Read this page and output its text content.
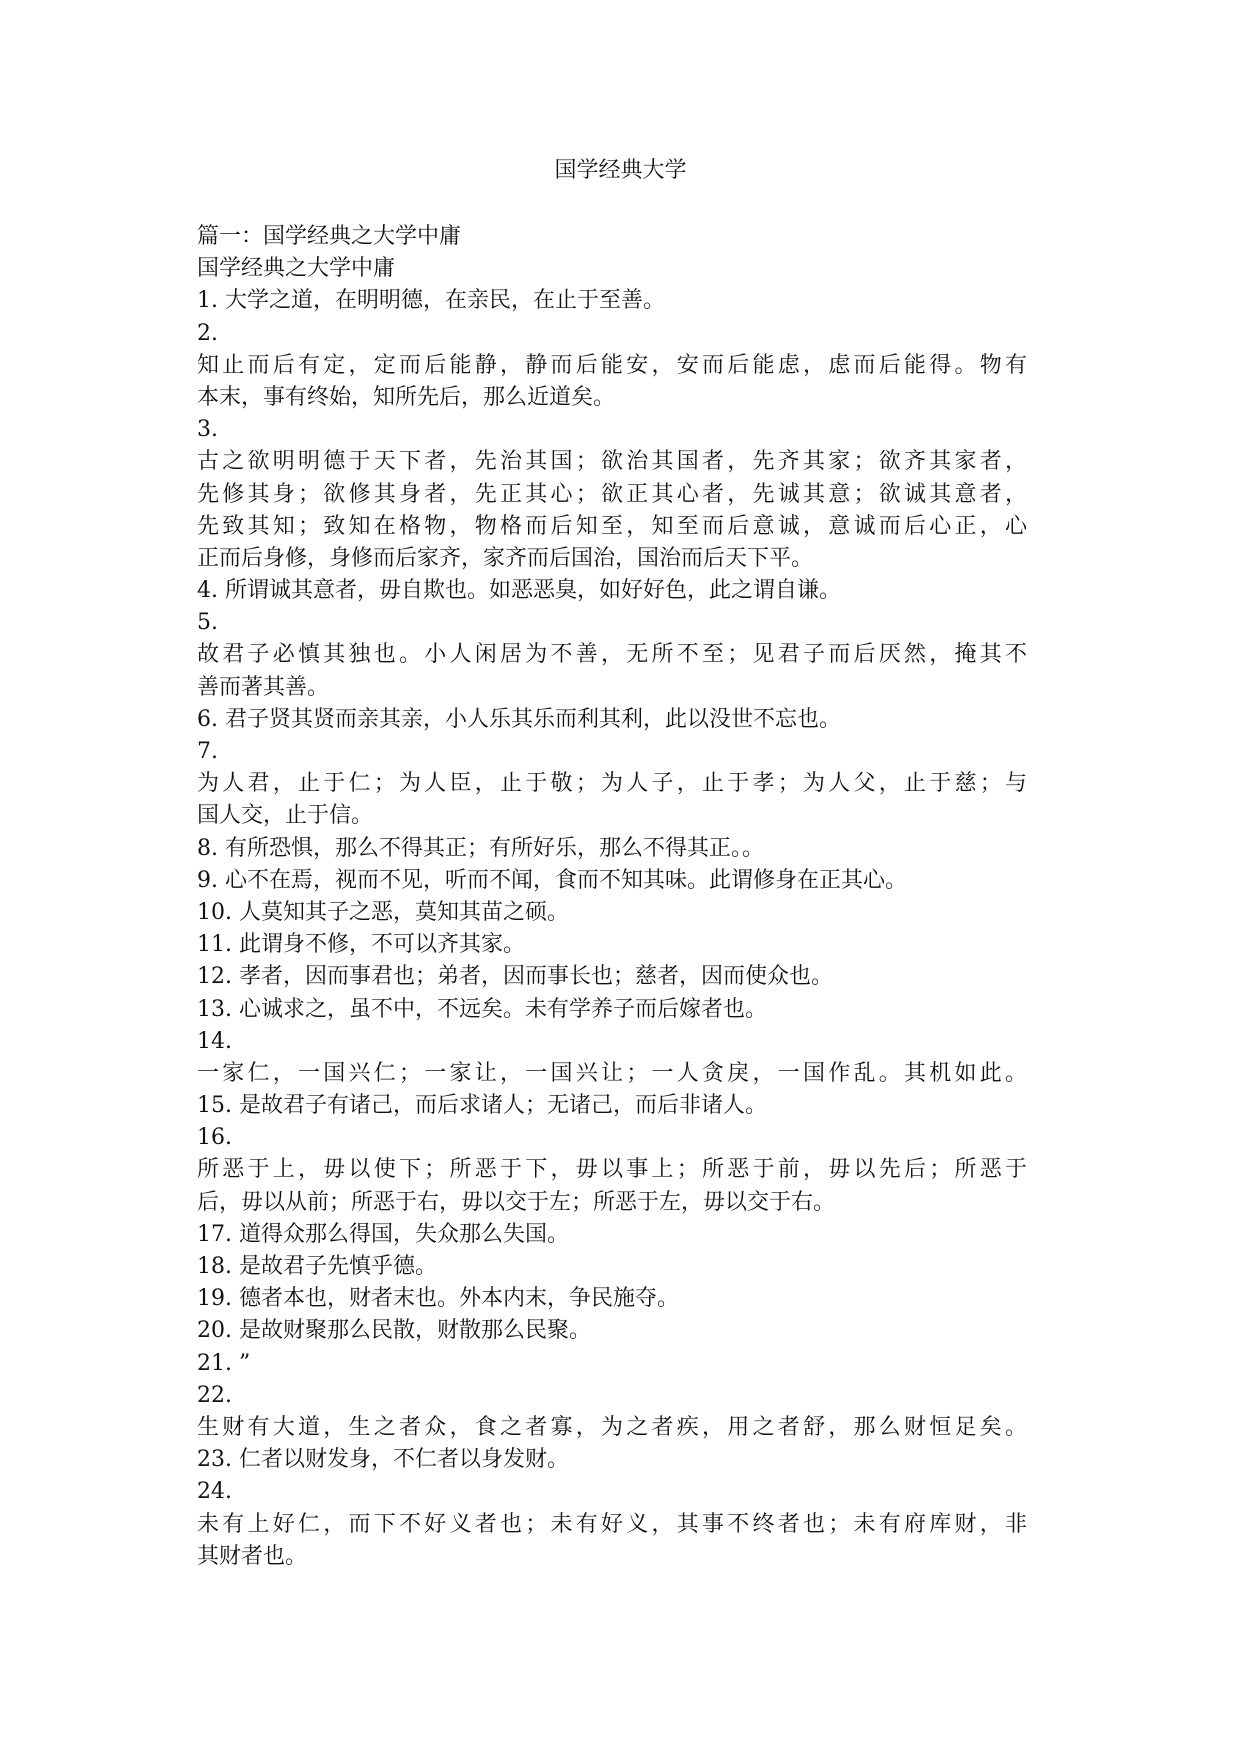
国学经典大学
篇一：国学经典之大学中庸
国学经典之大学中庸
1. 大学之道，在明明德，在亲民，在止于至善。
2.
知止而后有定，定而后能静，静而后能安，安而后能虑，虑而后能得。物有
本末，事有终始，知所先后，那么近道矣。
3.
古之欲明明德于天下者，先治其国；欲治其国者，先齐其家；欲齐其家者，
先修其身；欲修其身者，先正其心；欲正其心者，先诚其意；欲诚其意者，
先致其知；致知在格物，物格而后知至，知至而后意诚，意诚而后心正，心
正而后身修，身修而后家齐，家齐而后国治，国治而后天下平。
4. 所谓诚其意者，毋自欺也。如恶恶臭，如好好色，此之谓自谦。
5.
故君子必慎其独也。小人闲居为不善，无所不至；见君子而后厌然，掩其不
善而著其善。
6. 君子贤其贤而亲其亲，小人乐其乐而利其利，此以没世不忘也。
7.
为人君，止于仁；为人臣，止于敬；为人子，止于孝；为人父，止于慈；与
国人交，止于信。
8. 有所恐惧，那么不得其正；有所好乐，那么不得其正。。
9. 心不在焉，视而不见，听而不闻，食而不知其味。此谓修身在正其心。
10. 人莫知其子之恶，莫知其苗之硕。
11. 此谓身不修，不可以齐其家。
12. 孝者，因而事君也；弟者，因而事长也；慈者，因而使众也。
13. 心诚求之，虽不中，不远矣。未有学养子而后嫁者也。
14.
一家仁，一国兴仁；一家让，一国兴让；一人贪戾，一国作乱。其机如此。
15. 是故君子有诸己，而后求诸人；无诸己，而后非诸人。
16.
所恶于上，毋以使下；所恶于下，毋以事上；所恶于前，毋以先后；所恶于
后，毋以从前；所恶于右，毋以交于左；所恶于左，毋以交于右。
17. 道得众那么得国，失众那么失国。
18. 是故君子先慎乎德。
19. 德者本也，财者末也。外本内末，争民施夺。
20. 是故财聚那么民散，财散那么民聚。
21. ”
22.
生财有大道，生之者众，食之者寡，为之者疾，用之者舒，那么财恒足矣。
23. 仁者以财发身，不仁者以身发财。
24.
未有上好仁，而下不好义者也；未有好义，其事不终者也；未有府库财，非
其财者也。
